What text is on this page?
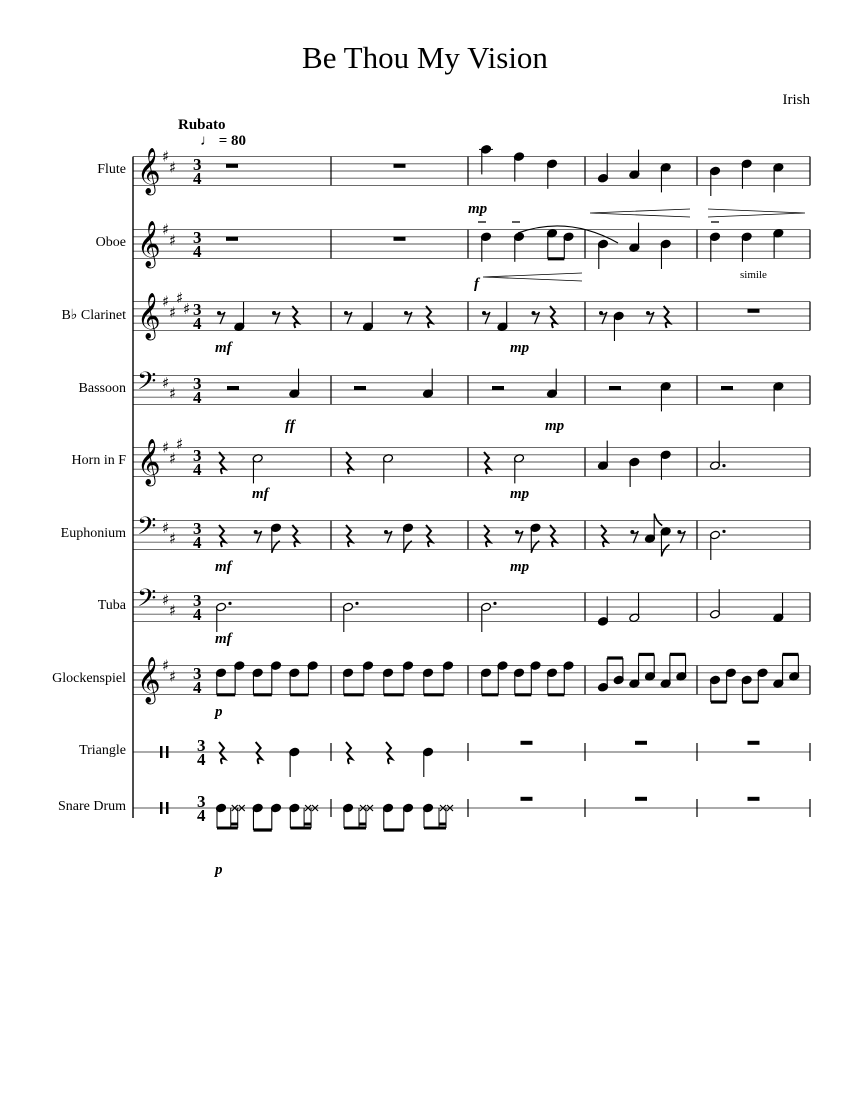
Be Thou My Vision
Irish
Rubato
♩ = 80
𝄞 ♯
♯ 3
4
𝄞 ♯
♯ 3
4
𝄞 ♯
♯
♯
♯ 3
4
𝄢 ♯
♯
3
4
𝄞 ♯
♯
♯
3
4
𝄢 ♯
♯
3
4
𝄢 ♯
♯
3
4
𝄞 ♯
♯ 3
4
3
4
3
4
Flute
mp
Oboe
f
simile
B♭ Clarinet
mf	mp
Bassoon
ff	mp
Horn in F
mf	mp
Euphonium
mf	mp
Tuba
mf
Glockenspiel
p
Triangle
Snare Drum
p
